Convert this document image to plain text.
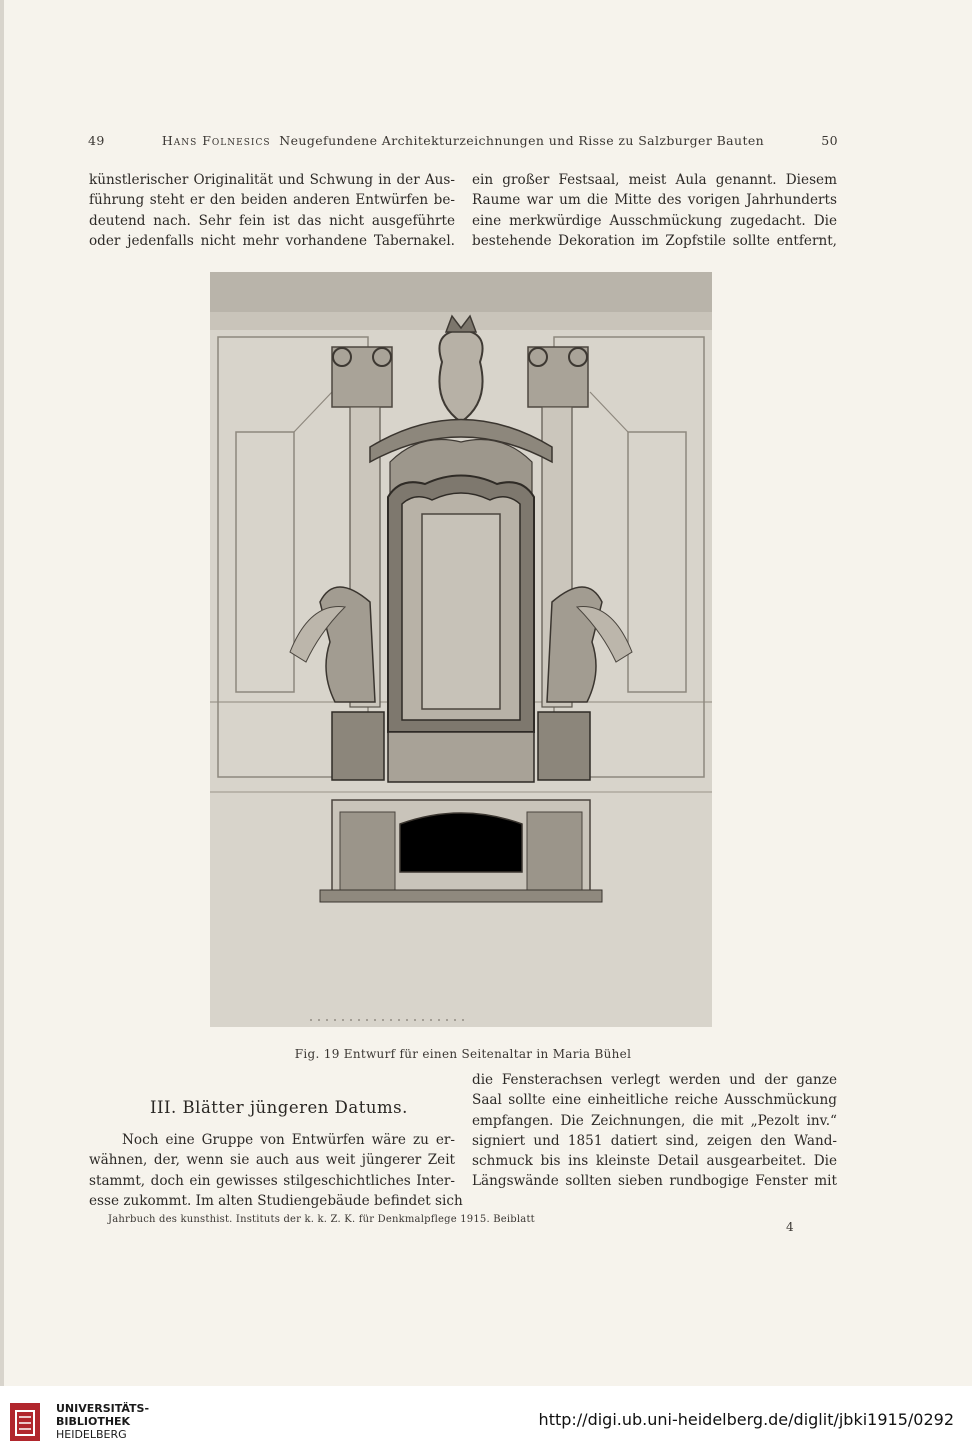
49	Hans Folnesics Neugefundene Architekturzeichnungen und Risse zu Salzburger Bauten	50
künstlerischer Originalität und Schwung in der Aus-
führung steht er den beiden anderen Entwürfen be-
deutend nach. Sehr fein ist das nicht ausgeführte
oder jedenfalls nicht mehr vorhandene Tabernakel.
ein großer Festsaal, meist Aula genannt. Diesem
Raume war um die Mitte des vorigen Jahrhunderts
eine merkwürdige Ausschmückung zugedacht. Die
bestehende Dekoration im Zopfstile sollte entfernt,
Fig. 19 Entwurf für einen Seitenaltar in Maria Bühel
III. Blätter jüngeren Datums.
Noch eine Gruppe von Entwürfen wäre zu er-
wähnen, der, wenn sie auch aus weit jüngerer Zeit
stammt, doch ein gewisses stilgeschichtliches Inter-
esse zukommt. Im alten Studiengebäude befindet sich
die Fensterachsen verlegt werden und der ganze
Saal sollte eine einheitliche reiche Ausschmückung
empfangen. Die Zeichnungen, die mit „Pezolt inv.“
signiert und 1851 datiert sind, zeigen den Wand-
schmuck bis ins kleinste Detail ausgearbeitet. Die
Längswände sollten sieben rundbogige Fenster mit
Jahrbuch des kunsthist. Instituts der k. k. Z. K. für Denkmalpflege 1915. Beiblatt
4
UNIVERSITÄTS-
BIBLIOTHEK
HEIDELBERG
http://digi.ub.uni-heidelberg.de/diglit/jbki1915/0292
